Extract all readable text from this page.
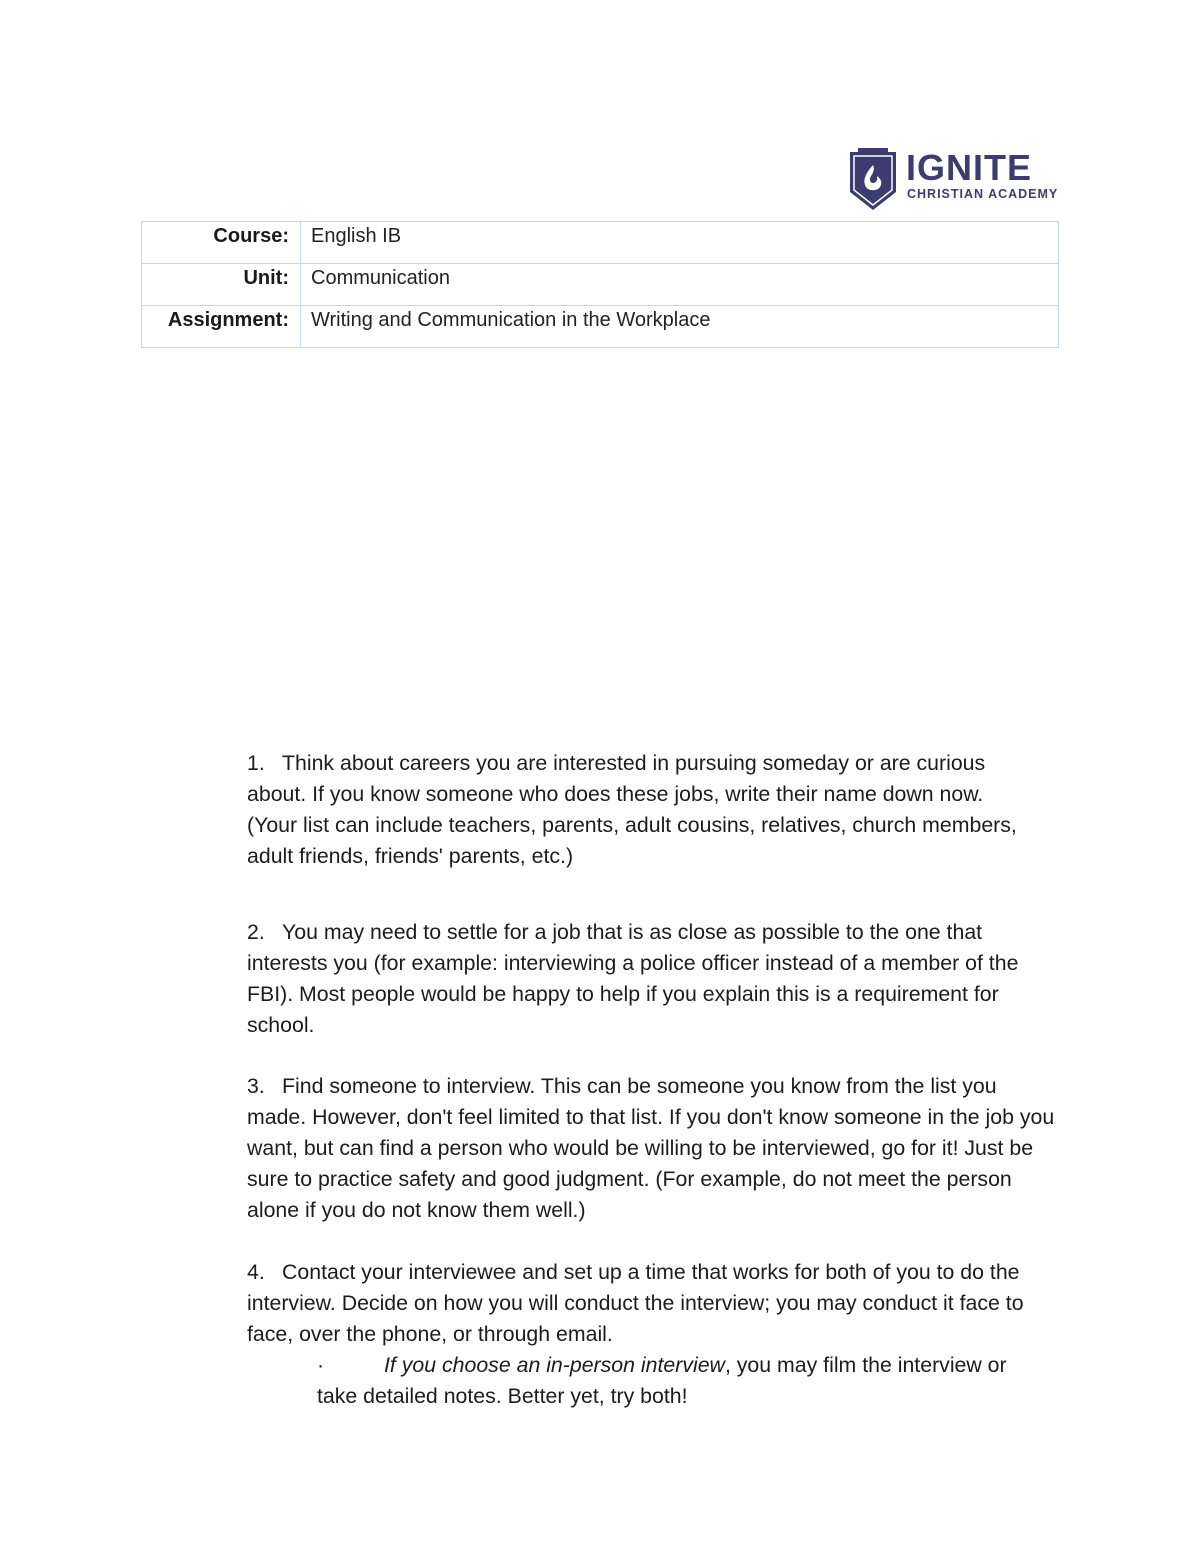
IGNITE
CHRISTIAN ACADEMY
Course:	English IB
Unit:	Communication
Assignment:	Writing and Communication in the Workplace

1. Think about careers you are interested in pursuing someday or are curious about. If you know someone who does these jobs, write their name down now. (Your list can include teachers, parents, adult cousins, relatives, church members, adult friends, friends' parents, etc.)

2. You may need to settle for a job that is as close as possible to the one that interests you (for example: interviewing a police officer instead of a member of the FBI). Most people would be happy to help if you explain this is a requirement for school.

3. Find someone to interview. This can be someone you know from the list you made. However, don't feel limited to that list. If you don't know someone in the job you want, but can find a person who would be willing to be interviewed, go for it! Just be sure to practice safety and good judgment. (For example, do not meet the person alone if you do not know them well.)

4. Contact your interviewee and set up a time that works for both of you to do the interview. Decide on how you will conduct the interview; you may conduct it face to face, over the phone, or through email.

·	If you choose an in-person interview, you may film the interview or take detailed notes. Better yet, try both!
